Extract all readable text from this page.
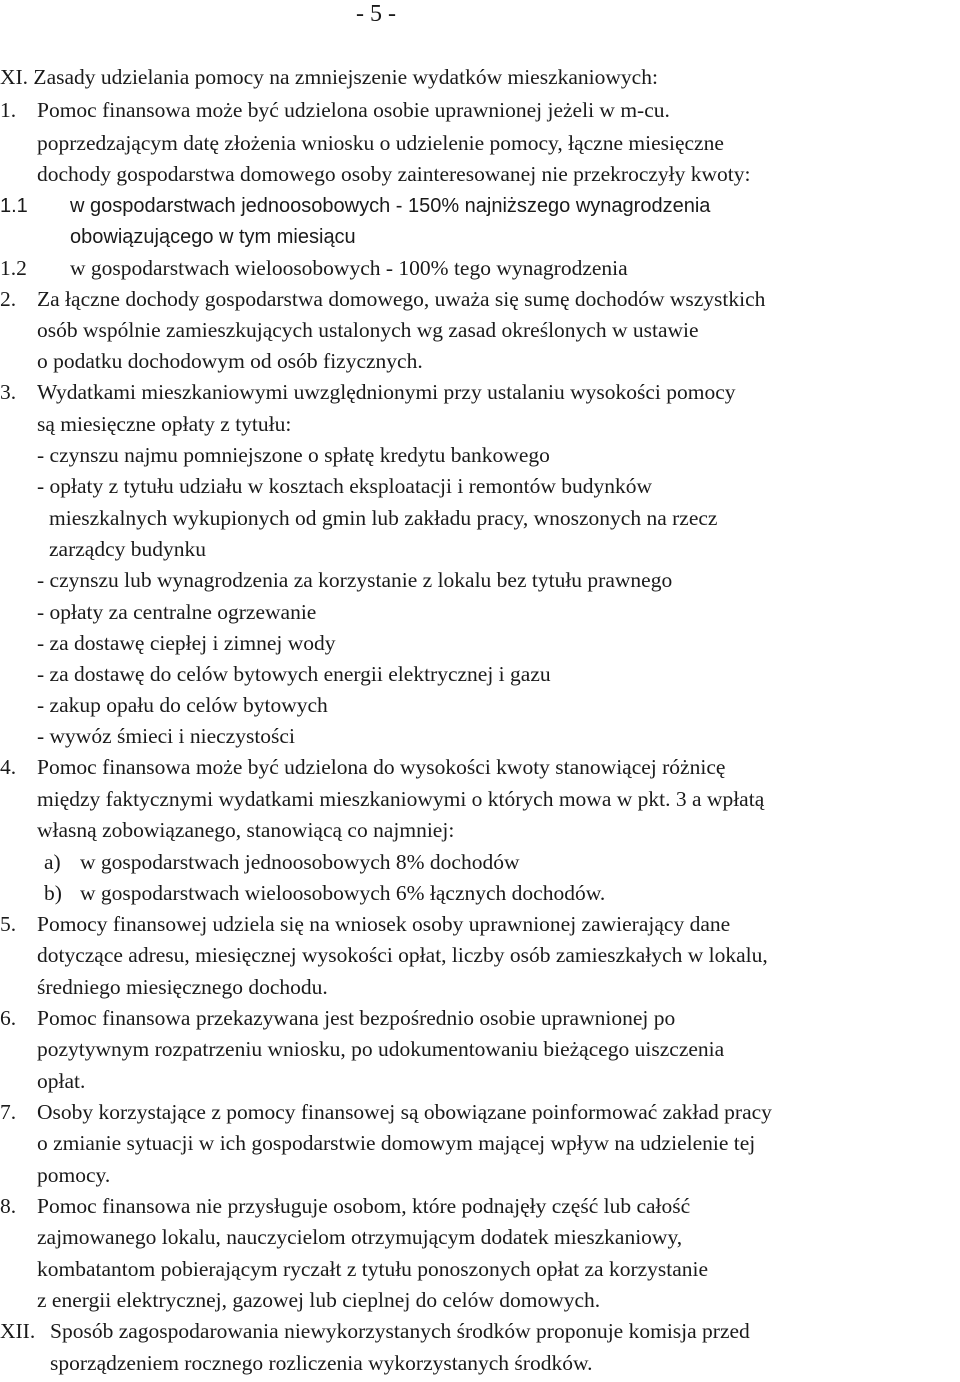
- 5 -
XI. Zasady udzielania pomocy na zmniejszenie wydatków mieszkaniowych:
1. Pomoc finansowa może być udzielona osobie uprawnionej jeżeli w m-cu.
poprzedzającym datę złożenia wniosku o udzielenie pomocy, łączne miesięczne
dochody gospodarstwa domowego osoby zainteresowanej nie przekroczyły kwoty:
1.1 w gospodarstwach jednoosobowych - 150% najniższego wynagrodzenia
obowiązującego w tym miesiącu
1.2 w gospodarstwach wieloosobowych - 100% tego wynagrodzenia
2. Za łączne dochody gospodarstwa domowego, uważa się sumę dochodów wszystkich
osób wspólnie zamieszkujących ustalonych wg zasad określonych w ustawie
o podatku dochodowym od osób fizycznych.
3. Wydatkami mieszkaniowymi uwzględnionymi przy ustalaniu wysokości pomocy
są miesięczne opłaty z tytułu:
- czynszu najmu pomniejszone o spłatę kredytu bankowego
- opłaty z tytułu udziału w kosztach eksploatacji i remontów budynków
mieszkalnych wykupionych od gmin lub zakładu pracy, wnoszonych na rzecz
zarządcy budynku
- czynszu lub wynagrodzenia za korzystanie z lokalu bez tytułu prawnego
- opłaty za centralne ogrzewanie
- za dostawę ciepłej i zimnej wody
- za dostawę do celów bytowych energii elektrycznej i gazu
- zakup opału do celów bytowych
- wywóz śmieci i nieczystości
4. Pomoc finansowa może być udzielona do wysokości kwoty stanowiącej różnicę
między faktycznymi wydatkami mieszkaniowymi o których mowa w pkt. 3 a wpłatą
własną zobowiązanego, stanowiącą co najmniej:
a) w gospodarstwach jednoosobowych 8% dochodów
b) w gospodarstwach wieloosobowych 6% łącznych dochodów.
5. Pomocy finansowej udziela się na wniosek osoby uprawnionej zawierający dane
dotyczące adresu, miesięcznej wysokości opłat, liczby osób zamieszkałych w lokalu,
średniego miesięcznego dochodu.
6. Pomoc finansowa przekazywana jest bezpośrednio osobie uprawnionej po
pozytywnym rozpatrzeniu wniosku, po udokumentowaniu bieżącego uiszczenia
opłat.
7. Osoby korzystające z pomocy finansowej są obowiązane poinformować zakład pracy
o zmianie sytuacji w ich gospodarstwie domowym mającej wpływ na udzielenie tej
pomocy.
8. Pomoc finansowa nie przysługuje osobom, które podnajęły część lub całość
zajmowanego lokalu, nauczycielom otrzymującym dodatek mieszkaniowy,
kombatantom pobierającym ryczałt z tytułu ponoszonych opłat za korzystanie
z energii elektrycznej, gazowej lub cieplnej do celów domowych.
XII. Sposób zagospodarowania niewykorzystanych środków proponuje komisja przed
sporządzeniem rocznego rozliczenia wykorzystanych środków.
